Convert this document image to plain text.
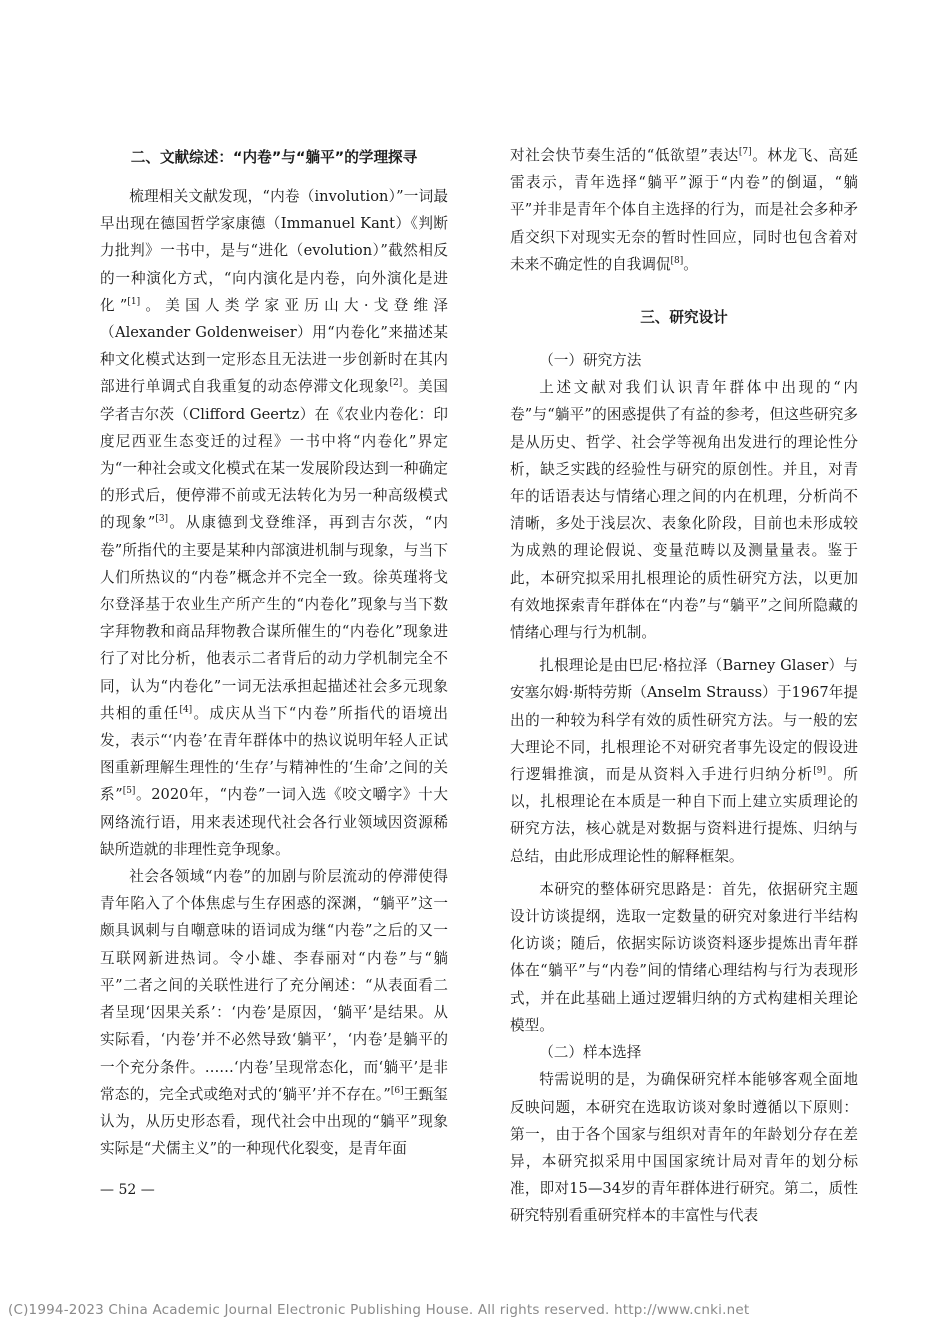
二、文献综述：“内卷”与“躺平”的学理探寻

梳理相关文献发现，“内卷（involution）”一词最早出现在德国哲学家康德（Immanuel Kant）《判断力批判》一书中，是与“进化（evolution）”截然相反的一种演化方式，“向内演化是内卷，向外演化是进化”[1]。美国人类学家亚历山大·戈登维泽（Alexander Goldenweiser）用“内卷化”来描述某种文化模式达到一定形态且无法进一步创新时在其内部进行单调式自我重复的动态停滞文化现象[2]。美国学者吉尔茨（Clifford Geertz）在《农业内卷化：印度尼西亚生态变迁的过程》一书中将“内卷化”界定为“一种社会或文化模式在某一发展阶段达到一种确定的形式后，便停滞不前或无法转化为另一种高级模式的现象”[3]。从康德到戈登维泽，再到吉尔茨，“内卷”所指代的主要是某种内部演进机制与现象，与当下人们所热议的“内卷”概念并不完全一致。徐英瑾将戈尔登泽基于农业生产所产生的“内卷化”现象与当下数字拜物教和商品拜物教合谋所催生的“内卷化”现象进行了对比分析，他表示二者背后的动力学机制完全不同，认为“内卷化”一词无法承担起描述社会多元现象共相的重任[4]。成庆从当下“内卷”所指代的语境出发，表示“‘内卷’在青年群体中的热议说明年轻人正试图重新理解生理性的‘生存’与精神性的‘生命’之间的关系”[5]。2020年，“内卷”一词入选《咬文嚼字》十大网络流行语，用来表述现代社会各行业领域因资源稀缺所造就的非理性竞争现象。

社会各领域“内卷”的加剧与阶层流动的停滞使得青年陷入了个体焦虑与生存困惑的深渊，“躺平”这一颇具讽刺与自嘲意味的语词成为继“内卷”之后的又一互联网新进热词。令小雄、李春丽对“内卷”与“躺平”二者之间的关联性进行了充分阐述：“从表面看二者呈现‘因果关系’：‘内卷’是原因，‘躺平’是结果。从实际看，‘内卷’并不必然导致‘躺平’，‘内卷’是躺平的一个充分条件。……‘内卷’呈现常态化，而‘躺平’是非常态的，完全式或绝对式的‘躺平’并不存在。”[6]王甄玺认为，从历史形态看，现代社会中出现的“躺平”现象实际是“犬儒主义”的一种现代化裂变，是青年面

对社会快节奏生活的“低欲望”表达[7]。林龙飞、高延雷表示，青年选择“躺平”源于“内卷”的倒逼，“躺平”并非是青年个体自主选择的行为，而是社会多种矛盾交织下对现实无奈的暂时性回应，同时也包含着对未来不确定性的自我调侃[8]。

三、研究设计

（一）研究方法

上述文献对我们认识青年群体中出现的“内卷”与“躺平”的困惑提供了有益的参考，但这些研究多是从历史、哲学、社会学等视角出发进行的理论性分析，缺乏实践的经验性与研究的原创性。并且，对青年的话语表达与情绪心理之间的内在机理，分析尚不清晰，多处于浅层次、表象化阶段，目前也未形成较为成熟的理论假说、变量范畴以及测量量表。鉴于此，本研究拟采用扎根理论的质性研究方法，以更加有效地探索青年群体在“内卷”与“躺平”之间所隐藏的情绪心理与行为机制。

扎根理论是由巴尼·格拉泽（Barney Glaser）与安塞尔姆·斯特劳斯（Anselm Strauss）于1967年提出的一种较为科学有效的质性研究方法。与一般的宏大理论不同，扎根理论不对研究者事先设定的假设进行逻辑推演，而是从资料入手进行归纳分析[9]。所以，扎根理论在本质是一种自下而上建立实质理论的研究方法，核心就是对数据与资料进行提炼、归纳与总结，由此形成理论性的解释框架。

本研究的整体研究思路是：首先，依据研究主题设计访谈提纲，选取一定数量的研究对象进行半结构化访谈；随后，依据实际访谈资料逐步提炼出青年群体在“躺平”与“内卷”间的情绪心理结构与行为表现形式，并在此基础上通过逻辑归纳的方式构建相关理论模型。

（二）样本选择

特需说明的是，为确保研究样本能够客观全面地反映问题，本研究在选取访谈对象时遵循以下原则：第一，由于各个国家与组织对青年的年龄划分存在差异，本研究拟采用中国国家统计局对青年的划分标准，即对15—34岁的青年群体进行研究。第二，质性研究特别看重研究样本的丰富性与代表

— 52 —
(C)1994-2023 China Academic Journal Electronic Publishing House. All rights reserved. http://www.cnki.net
